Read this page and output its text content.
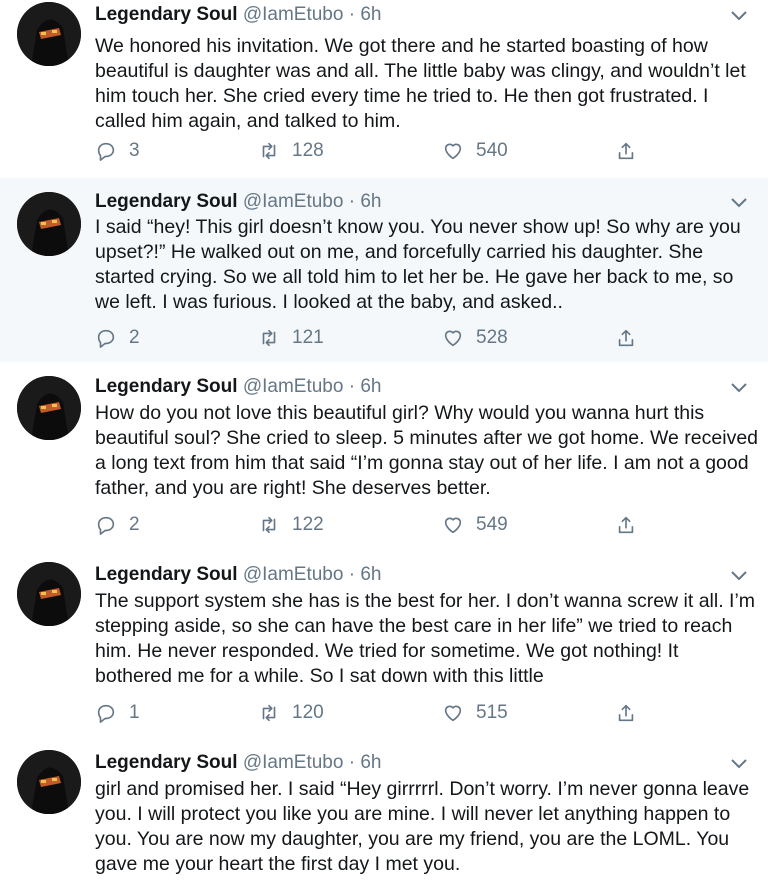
Legendary Soul @IamEtubo · 6h
We honored his invitation. We got there and he started boasting of how beautiful is daughter was and all. The little baby was clingy, and wouldn’t let him touch her. She cried every time he tried to. He then got frustrated. I called him again, and talked to him.
3	128	540
Legendary Soul @IamEtubo · 6h
I said “hey! This girl doesn’t know you. You never show up! So why are you upset?!” He walked out on me, and forcefully carried his daughter. She started crying. So we all told him to let her be. He gave her back to me, so we left. I was furious. I looked at the baby, and asked..
2	121	528
Legendary Soul @IamEtubo · 6h
How do you not love this beautiful girl? Why would you wanna hurt this beautiful soul? She cried to sleep. 5 minutes after we got home. We received a long text from him that said “I’m gonna stay out of her life. I am not a good father, and you are right! She deserves better.
2	122	549
Legendary Soul @IamEtubo · 6h
The support system she has is the best for her. I don’t wanna screw it all. I’m stepping aside, so she can have the best care in her life” we tried to reach him. He never responded. We tried for sometime. We got nothing! It bothered me for a while. So I sat down with this little
1	120	515
Legendary Soul @IamEtubo · 6h
girl and promised her. I said “Hey girrrrrl. Don’t worry. I’m never gonna leave you. I will protect you like you are mine. I will never let anything happen to you. You are now my daughter, you are my friend, you are the LOML. You gave me your heart the first day I met you.
